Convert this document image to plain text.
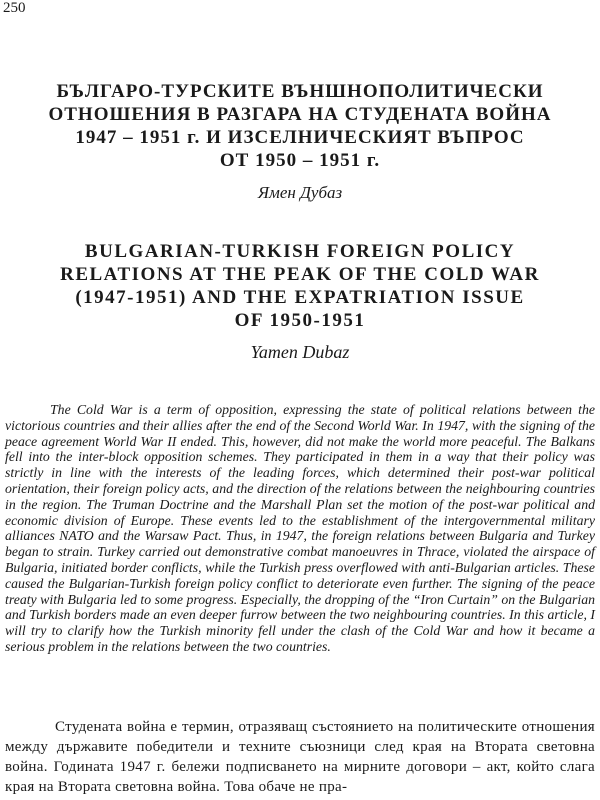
250
БЪЛГАРО-ТУРСКИТЕ ВЪНШНОПОЛИТИЧЕСКИ
ОТНОШЕНИЯ В РАЗГАРА НА СТУДЕНАТА ВОЙНА
1947 – 1951 г. И ИЗСЕЛНИЧЕСКИЯТ ВЪПРОС
ОТ 1950 – 1951 г.
Ямен Дубаз
BULGARIAN-TURKISH FOREIGN POLICY
RELATIONS AT THE PEAK OF THE COLD WAR
(1947-1951) AND THE EXPATRIATION ISSUE
OF 1950-1951
Yamen Dubaz

The Cold War is a term of opposition, expressing the state of political relations between the victorious countries and their allies after the end of the Second World War. In 1947, with the signing of the peace agreement World War II ended. This, however, did not make the world more peaceful. The Balkans fell into the inter-block opposition schemes. They participated in them in a way that their policy was strictly in line with the interests of the leading forces, which determined their post-war political orientation, their foreign policy acts, and the direction of the relations between the neighbouring countries in the region. The Truman Doctrine and the Marshall Plan set the motion of the post-war political and economic division of Europe. These events led to the establishment of the intergovernmental military alliances NATO and the Warsaw Pact. Thus, in 1947, the foreign relations between Bulgaria and Turkey began to strain. Turkey carried out demonstrative combat manoeuvres in Thrace, violated the airspace of Bulgaria, initiated border conflicts, while the Turkish press overflowed with anti-Bulgarian articles. These caused the Bulgarian-Turkish foreign policy conflict to deteriorate even further. The signing of the peace treaty with Bulgaria led to some progress. Especially, the dropping of the “Iron Curtain” on the Bulgarian and Turkish borders made an even deeper furrow between the two neighbouring countries. In this article, I will try to clarify how the Turkish minority fell under the clash of the Cold War and how it became a serious problem in the relations between the two countries.

Студената война е термин, отразяващ състоянието на политическите отношения между държавите победители и техните съюзници след края на Втората световна война. Годината 1947 г. бележи подписването на мирните договори – акт, който слага края на Втората световна война. Това обаче не пра-
